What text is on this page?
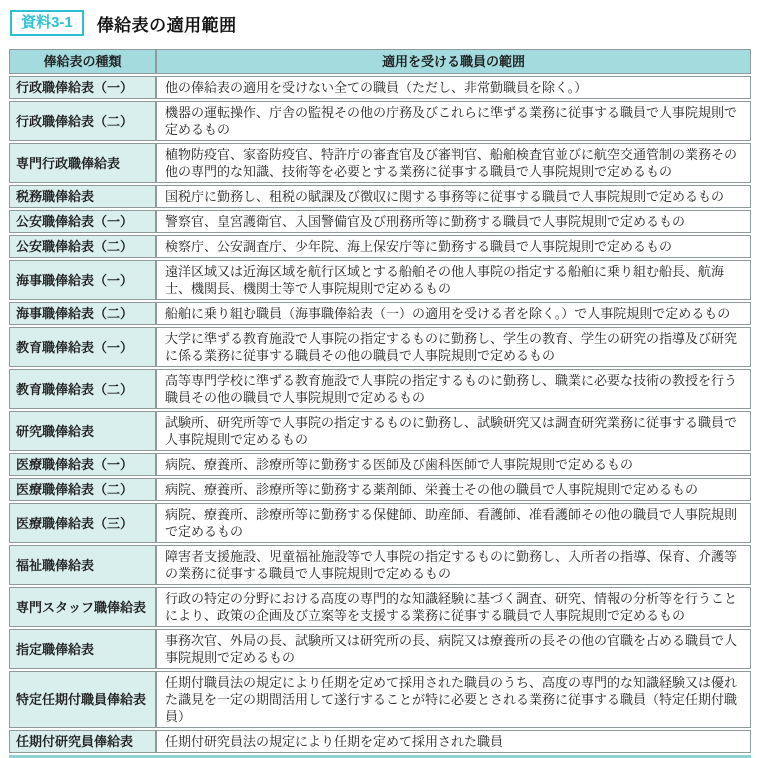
資料3-1	俸給表の適用範囲
俸給表の種類	適用を受ける職員の範囲
行政職俸給表（一）	他の俸給表の適用を受けない全ての職員（ただし、非常勤職員を除く。）
行政職俸給表（二）	機器の運転操作、庁舎の監視その他の庁務及びこれらに準ずる業務に従事する職員で人事院規則で定めるもの
専門行政職俸給表	植物防疫官、家畜防疫官、特許庁の審査官及び審判官、船舶検査官並びに航空交通管制の業務その他の専門的な知識、技術等を必要とする業務に従事する職員で人事院規則で定めるもの
税務職俸給表	国税庁に勤務し、租税の賦課及び徴収に関する事務等に従事する職員で人事院規則で定めるもの
公安職俸給表（一）	警察官、皇宮護衛官、入国警備官及び刑務所等に勤務する職員で人事院規則で定めるもの
公安職俸給表（二）	検察庁、公安調査庁、少年院、海上保安庁等に勤務する職員で人事院規則で定めるもの
海事職俸給表（一）	遠洋区域又は近海区域を航行区域とする船舶その他人事院の指定する船舶に乗り組む船長、航海士、機関長、機関士等で人事院規則で定めるもの
海事職俸給表（二）	船舶に乗り組む職員（海事職俸給表（一）の適用を受ける者を除く。）で人事院規則で定めるもの
教育職俸給表（一）	大学に準ずる教育施設で人事院の指定するものに勤務し、学生の教育、学生の研究の指導及び研究に係る業務に従事する職員その他の職員で人事院規則で定めるもの
教育職俸給表（二）	高等専門学校に準ずる教育施設で人事院の指定するものに勤務し、職業に必要な技術の教授を行う職員その他の職員で人事院規則で定めるもの
研究職俸給表	試験所、研究所等で人事院の指定するものに勤務し、試験研究又は調査研究業務に従事する職員で人事院規則で定めるもの
医療職俸給表（一）	病院、療養所、診療所等に勤務する医師及び歯科医師で人事院規則で定めるもの
医療職俸給表（二）	病院、療養所、診療所等に勤務する薬剤師、栄養士その他の職員で人事院規則で定めるもの
医療職俸給表（三）	病院、療養所、診療所等に勤務する保健師、助産師、看護師、准看護師その他の職員で人事院規則で定めるもの
福祉職俸給表	障害者支援施設、児童福祉施設等で人事院の指定するものに勤務し、入所者の指導、保育、介護等の業務に従事する職員で人事院規則で定めるもの
専門スタッフ職俸給表	行政の特定の分野における高度の専門的な知識経験に基づく調査、研究、情報の分析等を行うことにより、政策の企画及び立案等を支援する業務に従事する職員で人事院規則で定めるもの
指定職俸給表	事務次官、外局の長、試験所又は研究所の長、病院又は療養所の長その他の官職を占める職員で人事院規則で定めるもの
特定任期付職員俸給表	任期付職員法の規定により任期を定めて採用された職員のうち、高度の専門的な知識経験又は優れた識見を一定の期間活用して遂行することが特に必要とされる業務に従事する職員（特定任期付職員）
任期付研究員俸給表	任期付研究員法の規定により任期を定めて採用された職員
